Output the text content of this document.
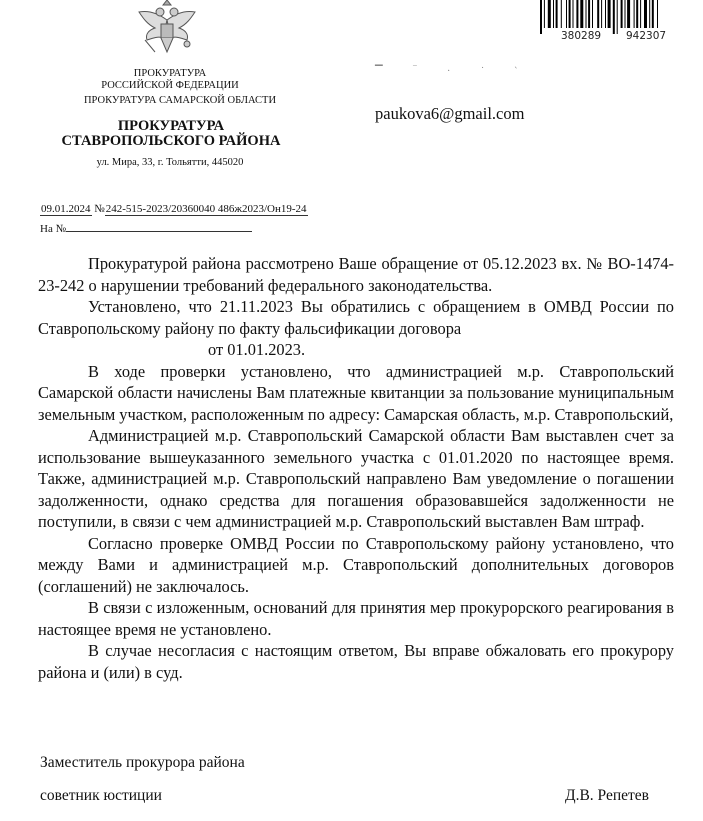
ПРОКУРАТУРА
РОССИЙСКОЙ ФЕДЕРАЦИИ
ПРОКУРАТУРА САМАРСКОЙ ОБЛАСТИ
ПРОКУРАТУРА
СТАВРОПОЛЬСКОГО РАЙОНА
ул. Мира, 33, г. Тольятти, 445020
09.01.2024 №242-515-2023/20360040 486ж2023/Он19-24
На №
380289 942307
▔ ‾ · ˙ ‵
paukova6@gmail.com

Прокуратурой района рассмотрено Ваше обращение от 05.12.2023 вх. № ВО-1474-23-242 о нарушении требований федерального законодательства.

Установлено, что 21.11.2023 Вы обратились с обращением в ОМВД России по Ставропольскому району по факту фальсификации договора

от 01.01.2023.

В ходе проверки установлено, что администрацией м.р. Ставропольский Самарской области начислены Вам платежные квитанции за пользование муниципальным земельным участком, расположенным по адресу: Самарская область, м.р. Ставропольский,

Администрацией м.р. Ставропольский Самарской области Вам выставлен счет за использование вышеуказанного земельного участка с 01.01.2020 по настоящее время. Также, администрацией м.р. Ставропольский направлено Вам уведомление о погашении задолженности, однако средства для погашения образовавшейся задолженности не поступили, в связи с чем администрацией м.р. Ставропольский выставлен Вам штраф.

Согласно проверке ОМВД России по Ставропольскому району установлено, что между Вами и администрацией м.р. Ставропольский дополнительных договоров (соглашений) не заключалось.

В связи с изложенным, оснований для принятия мер прокурорского реагирования в настоящее время не установлено.

В случае несогласия с настоящим ответом, Вы вправе обжаловать его прокурору района и (или) в суд.

Заместитель прокурора района
советник юстиции	Д.В. Репетев
